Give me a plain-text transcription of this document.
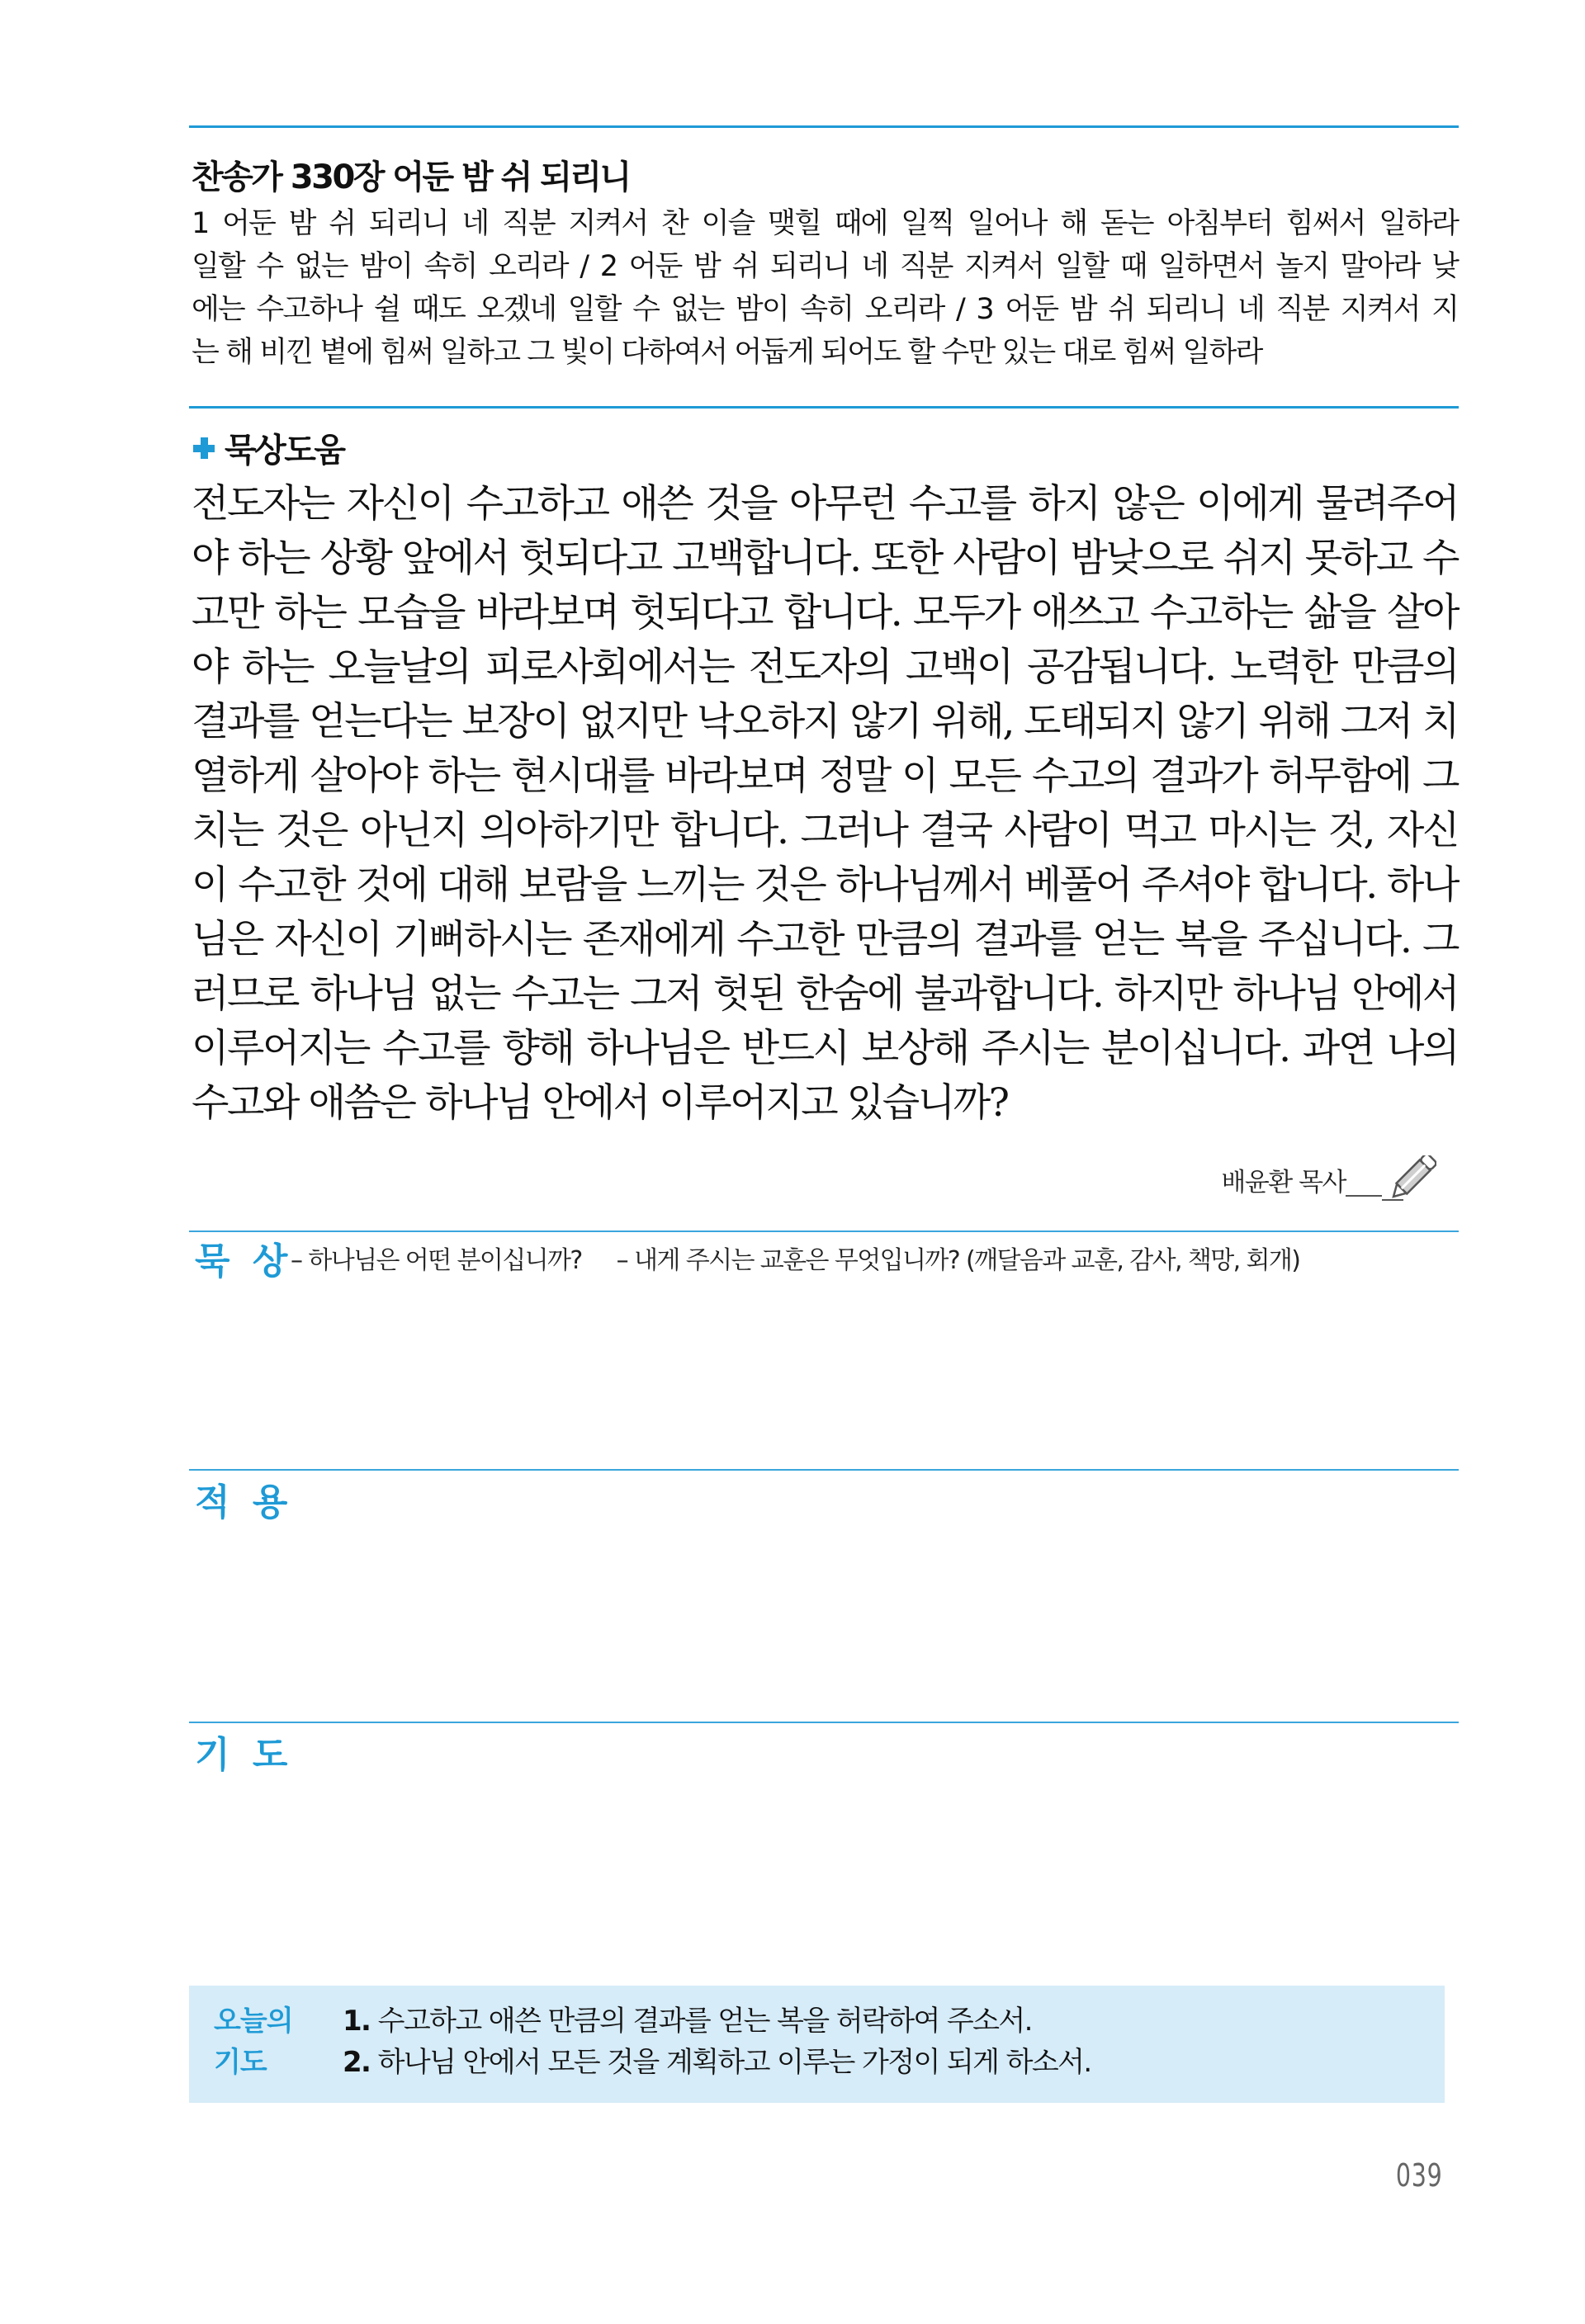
찬송가 330장 어둔 밤 쉬 되리니
1 어둔 밤 쉬 되리니 네 직분 지켜서 찬 이슬 맺힐 때에 일찍 일어나 해 돋는 아침부터 힘써서 일하라
일할 수 없는 밤이 속히 오리라 / 2 어둔 밤 쉬 되리니 네 직분 지켜서 일할 때 일하면서 놀지 말아라 낮
에는 수고하나 쉴 때도 오겠네 일할 수 없는 밤이 속히 오리라 / 3 어둔 밤 쉬 되리니 네 직분 지켜서 지
는 해 비낀 볕에 힘써 일하고 그 빛이 다하여서 어둡게 되어도 할 수만 있는 대로 힘써 일하라
묵상도움
전도자는 자신이 수고하고 애쓴 것을 아무런 수고를 하지 않은 이에게 물려주어
야 하는 상황 앞에서 헛되다고 고백합니다. 또한 사람이 밤낮으로 쉬지 못하고 수
고만 하는 모습을 바라보며 헛되다고 합니다. 모두가 애쓰고 수고하는 삶을 살아
야 하는 오늘날의 피로사회에서는 전도자의 고백이 공감됩니다. 노력한 만큼의
결과를 얻는다는 보장이 없지만 낙오하지 않기 위해, 도태되지 않기 위해 그저 치
열하게 살아야 하는 현시대를 바라보며 정말 이 모든 수고의 결과가 허무함에 그
치는 것은 아닌지 의아하기만 합니다. 그러나 결국 사람이 먹고 마시는 것, 자신
이 수고한 것에 대해 보람을 느끼는 것은 하나님께서 베풀어 주셔야 합니다. 하나
님은 자신이 기뻐하시는 존재에게 수고한 만큼의 결과를 얻는 복을 주십니다. 그
러므로 하나님 없는 수고는 그저 헛된 한숨에 불과합니다. 하지만 하나님 안에서
이루어지는 수고를 향해 하나님은 반드시 보상해 주시는 분이십니다. 과연 나의
수고와 애씀은 하나님 안에서 이루어지고 있습니까?
배윤환 목사
묵 상
– 하나님은 어떤 분이십니까? – 내게 주시는 교훈은 무엇입니까? (깨달음과 교훈, 감사, 책망, 회개)
적 용
기 도
오늘의
기도
1. 수고하고 애쓴 만큼의 결과를 얻는 복을 허락하여 주소서.
2. 하나님 안에서 모든 것을 계획하고 이루는 가정이 되게 하소서.
039
